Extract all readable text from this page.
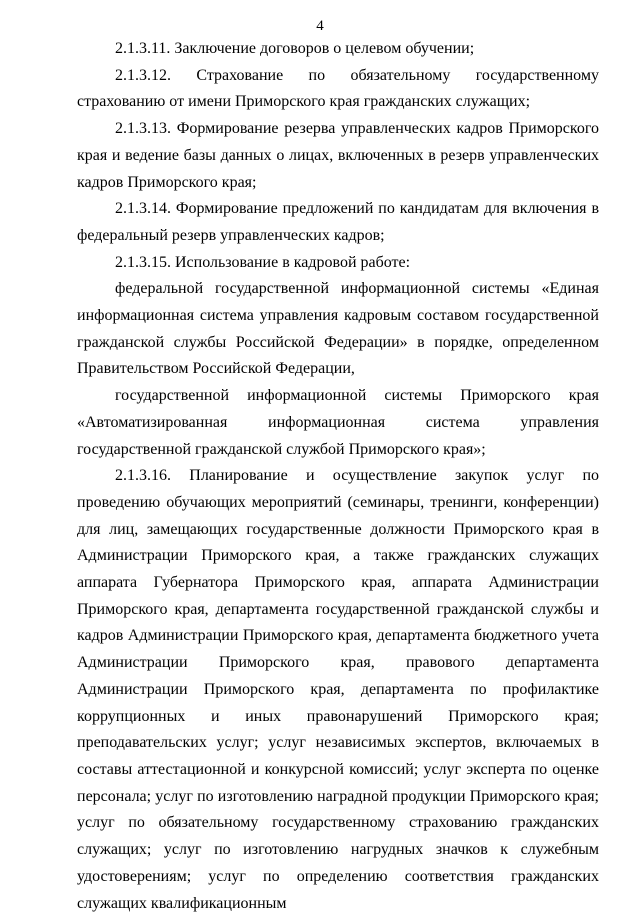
4

2.1.3.11. Заключение договоров о целевом обучении;

2.1.3.12. Страхование по обязательному государственному страхованию от имени Приморского края гражданских служащих;

2.1.3.13. Формирование резерва управленческих кадров Приморского края и ведение базы данных о лицах, включенных в резерв управленческих кадров Приморского края;

2.1.3.14. Формирование предложений по кандидатам для включения в федеральный резерв управленческих кадров;

2.1.3.15. Использование в кадровой работе:

федеральной государственной информационной системы «Единая информационная система управления кадровым составом государственной гражданской службы Российской Федерации» в порядке, определенном Правительством Российской Федерации,

государственной информационной системы Приморского края «Автоматизированная информационная система управления государственной гражданской службой Приморского края»;

2.1.3.16. Планирование и осуществление закупок услуг по проведению обучающих мероприятий (семинары, тренинги, конференции) для лиц, замещающих государственные должности Приморского края в Администрации Приморского края, а также гражданских служащих аппарата Губернатора Приморского края, аппарата Администрации Приморского края, департамента государственной гражданской службы и кадров Администрации Приморского края, департамента бюджетного учета Администрации Приморского края, правового департамента Администрации Приморского края, департамента по профилактике коррупционных и иных правонарушений Приморского края; преподавательских услуг; услуг независимых экспертов, включаемых в составы аттестационной и конкурсной комиссий; услуг эксперта по оценке персонала; услуг по изготовлению наградной продукции Приморского края; услуг по обязательному государственному страхованию гражданских служащих; услуг по изготовлению нагрудных значков к служебным удостоверениям; услуг по определению соответствия гражданских служащих квалификационным
